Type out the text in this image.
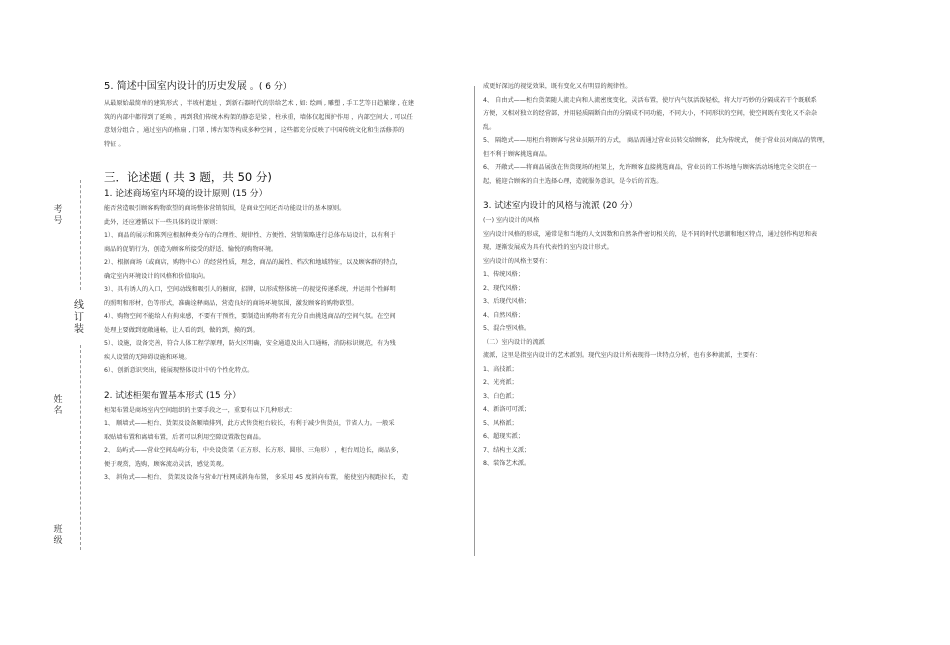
考号
姓名
班级
线订装
5. 简述中国室内设计的历史发展 。( 6 分）

从最原始最简单的建筑形式 ，半坡村遗址 ，到新石器时代的崇给艺术 , 如: 绘画 , 雕塑 , 手工艺等日趋繁缘 , 在建

筑的内部中都得到了延唤 ，再到我们传统木构架的静态是梁 ，柱承重，墙体仅起围护作用 ，内部空间大 , 可以任

意划分组合 ，通过室内的格扇 , 门罩 , 博古架等构成多种空间 ，这些都充分反映了中国传统文化和生活修养的

特征 。

三．论述题 ( 共 3 题，共 50 分)
1. 论述商场室内环境的设计原则 (15 分）

能否营造吸引顾客购物欲望的商场整体营销氛围，是商业空间还否功能设计的基本原则。

此外，还应遵循以下一些具体的设计原则：

1）、商品的展示和陈列应根据种类分布的合理性、规律性、方便性、营销策略进行总体布局设计，以有利于

商品的促销行为，创造为顾客所接受的舒适、愉悦的购物环境。

2）、根据商场（或商店，购物中心）的经营性质，理念，商品的属性、档次和地域特征，以及顾客群的特点，

确定室内环境设计的风格和价值取向。

3）、具有诱人的入口，空间动线和吸引人的橱窗，招牌，以形成整体统一的视觉传递系统，并运用个性鲜明

的照明和形材，色等形式，准确诠释商品，营造良好的商场环境氛围，激发顾客的购物欲望。

4）、购物空间不能给人有拘束感，不要有干预性，要制造出购物者有充分自由挑选商品的空间气氛。在空间

处理上要做到宽敞通畅，让人看的到，做的到，摸的到。

5）、设施，设备完善，符合人体工程学原理，防火区明确，安全通道及出入口通畅，消防标识规范，有为残

疾人设置的无障碍设施和环境。

6）、创新意识突出，能展现整体设计中的个性化特点。

2. 试述柜架布置基本形式 (15 分）

柜架布置是商场室内空间组织的主要手段之一，重要有以下几种形式：

1、 顺墙式——柜台、货架及设备顺墙排列，此方式售货柜台较长，有利于减少售货员，节省人力。一般采

取贴墙布置和离墙布置，后者可以利用空隙设置散包商品。

2、 岛屿式——营业空间岛屿分布，中央设货架（正方形、长方形、圆形、三角形） ，柜台周边长，商品多，

便于观赏，选购，顾客流动灵活，感觉美观。

3、 斜角式——柜台、 货架及设备与营业厅柱网成斜角布置， 多采用 45 度斜向布置， 能使室内视距拉长， 造

成更好深远的视觉效果，既有变化又有明显的规律性。

4、 自由式——柜台货架随人流走向和人流密度变化，灵活布置，使厅内气氛活泼轻松，将大厅巧妙的分隔成若干个既联系

方便，又相对独立的经营部，并用轻质隔断自由的分隔成不同功能，不同大小，不同形状的空间，使空间既有变化又不杂杂

乱。

5、 隔绝式——用柜台将顾客与营业员隔开的方式， 商品需通过营业员转交给顾客， 此为传统式， 便于营业员对商品的管理，

但不利于顾客挑选商品。

6、 开敞式——将商品展放在售货现场的柜架上，允许顾客直接挑选商品，营业员的工作场地与顾客活动场地完全交织在一

起，能迎合顾客的自主选择心理，造就服务意识，是今后的首选。

3. 试述室内设计的风格与流派 (20 分）

(一) 室内设计的风格

室内设计风格的形成，通常是和当地的人文因数和自然条件密切相关的，是不同的时代思潮和地区特点，通过创作构思和表

现，逐渐发展成为具有代表性的室内设计形式。

室内设计的风格主要有：

1、传统风格；

2、现代风格；

3、后现代风格；

4、自然风格；

5、混合型风格。

（二）室内设计的流派

流派，这里是指室内设计的艺术派别。现代室内设计所表现得一世特点分析，也有多种流派，主要有：

1、高技派；

2、光亮派；

3、白色派；

4、新洛可可派；

5、风格派；

6、超现实派；

7、结构主义派；

8、装饰艺术派。
